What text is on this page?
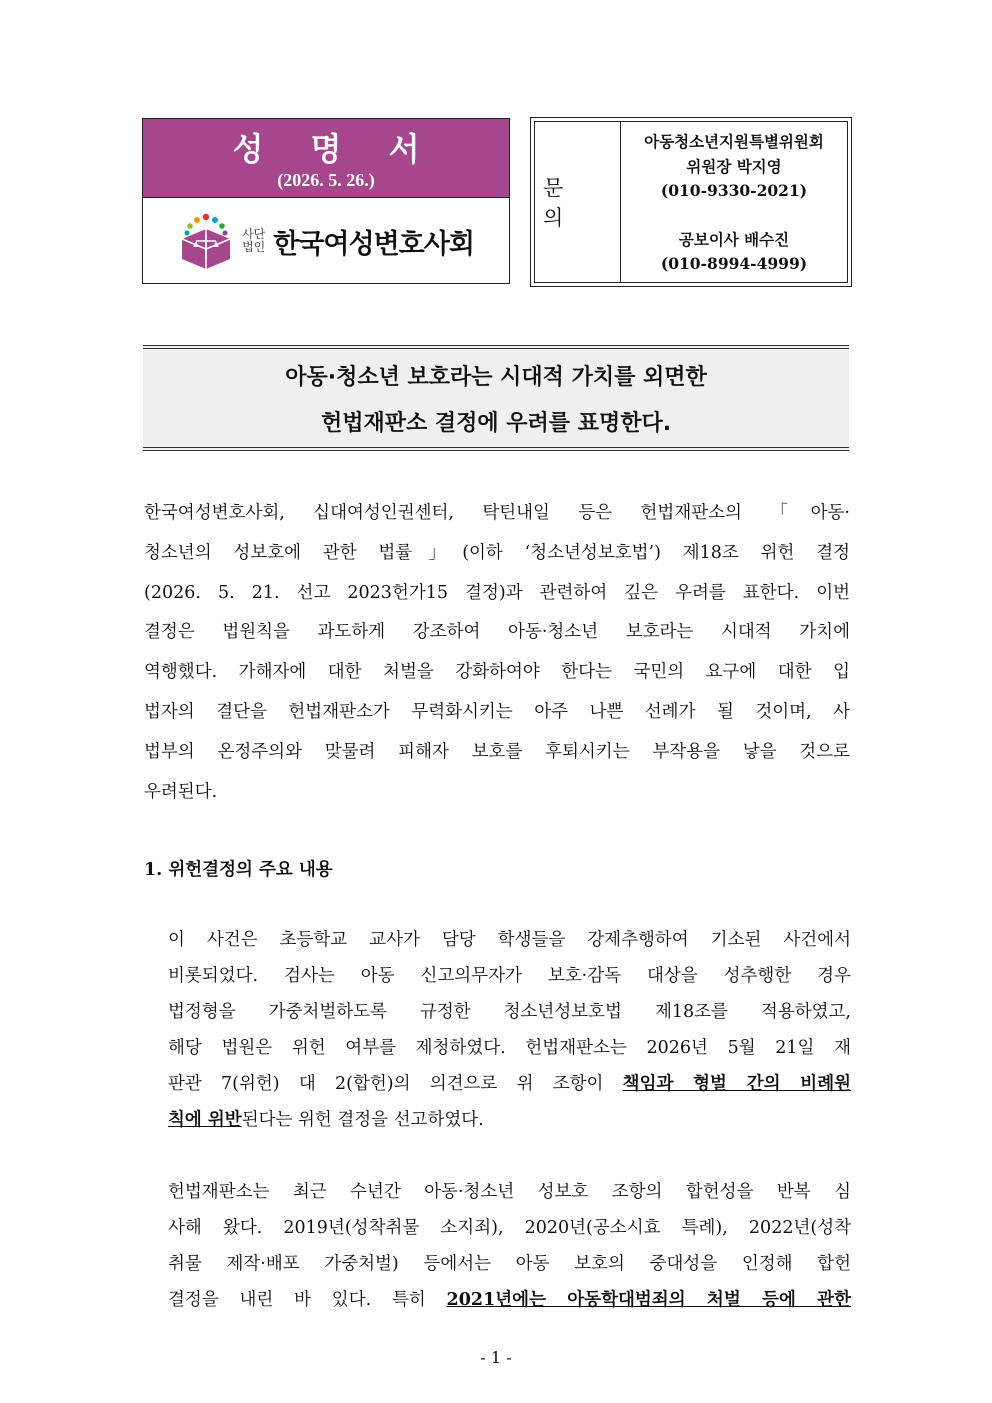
성 명 서
(2026. 5. 26.)
사단
법인 한국여성변호사회
문 의
아동청소년지원특별위원회
위원장 박지영
(010-9330-2021)
공보이사 배수진
(010-8994-4999)
아동·청소년 보호라는 시대적 가치를 외면한
헌법재판소 결정에 우려를 표명한다.
한국여성변호사회, 십대여성인권센터, 탁틴내일 등은 헌법재판소의 「아동·
청소년의 성보호에 관한 법률」(이하 ‘청소년성보호법’) 제18조 위헌 결정
(2026. 5. 21. 선고 2023헌가15 결정)과 관련하여 깊은 우려를 표한다. 이번
결정은 법원칙을 과도하게 강조하여 아동·청소년 보호라는 시대적 가치에
역행했다. 가해자에 대한 처벌을 강화하여야 한다는 국민의 요구에 대한 입
법자의 결단을 헌법재판소가 무력화시키는 아주 나쁜 선례가 될 것이며, 사
법부의 온정주의와 맞물려 피해자 보호를 후퇴시키는 부작용을 낳을 것으로
우려된다.
1. 위헌결정의 주요 내용
이 사건은 초등학교 교사가 담당 학생들을 강제추행하여 기소된 사건에서
비롯되었다. 검사는 아동 신고의무자가 보호·감독 대상을 성추행한 경우
법정형을 가중처벌하도록 규정한 청소년성보호법 제18조를 적용하였고,
해당 법원은 위헌 여부를 제청하였다. 헌법재판소는 2026년 5월 21일 재
판관 7(위헌) 대 2(합헌)의 의견으로 위 조항이 책임과 형벌 간의 비례원
칙에 위반된다는 위헌 결정을 선고하였다.
헌법재판소는 최근 수년간 아동·청소년 성보호 조항의 합헌성을 반복 심
사해 왔다. 2019년(성착취물 소지죄), 2020년(공소시효 특례), 2022년(성착
취물 제작·배포 가중처벌) 등에서는 아동 보호의 중대성을 인정해 합헌
결정을 내린 바 있다. 특히 2021년에는 아동학대범죄의 처벌 등에 관한
- 1 -
